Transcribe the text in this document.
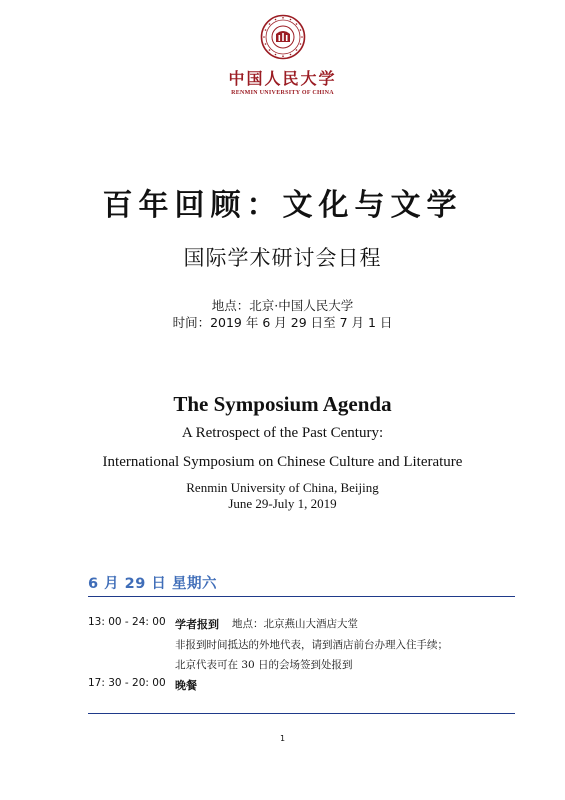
中国人民大学
RENMIN UNIVERSITY OF CHINA
百年回顾：文化与文学
国际学术研讨会日程
地点：北京·中国人民大学
时间：2019 年 6 月 29 日至 7 月 1 日
The Symposium Agenda
A Retrospect of the Past Century:
International Symposium on Chinese Culture and Literature
Renmin University of China, Beijing
June 29-July 1, 2019
6 月 29 日 星期六
13: 00 - 24: 00 学者报到 地点：北京燕山大酒店大堂
非报到时间抵达的外地代表，请到酒店前台办理入住手续；
北京代表可在 30 日的会场签到处报到
17: 30 - 20: 00 晚餐
1
